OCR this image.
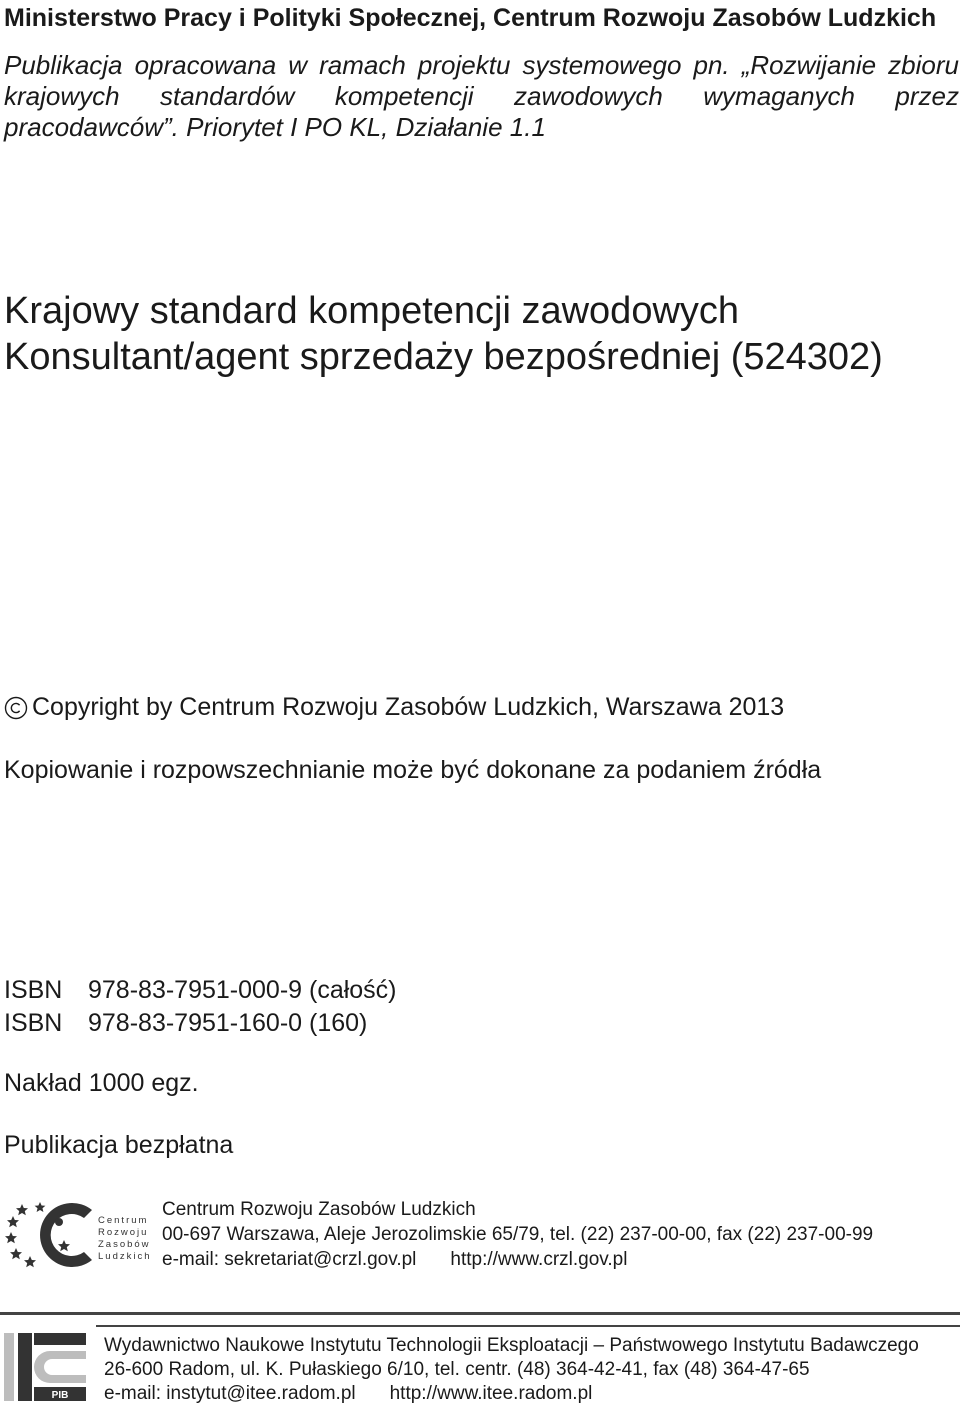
Ministerstwo Pracy i Polityki Społecznej, Centrum Rozwoju Zasobów Ludzkich
Publikacja opracowana w ramach projektu systemowego pn. „Rozwijanie zbioru krajowych standardów kompetencji zawodowych wymaganych przez pracodawców”. Priorytet I PO KL, Działanie 1.1
Krajowy standard kompetencji zawodowych
Konsultant/agent sprzedaży bezpośredniej (524302)
Copyright by Centrum Rozwoju Zasobów Ludzkich, Warszawa 2013
Kopiowanie i rozpowszechnianie może być dokonane za podaniem źródła
ISBN 978-83-7951-000-9 (całość)
ISBN 978-83-7951-160-0 (160)
Nakład 1000 egz.
Publikacja bezpłatna
Centrum
Rozwoju
Zasobów
Ludzkich
Centrum Rozwoju Zasobów Ludzkich
00-697 Warszawa, Aleje Jerozolimskie 65/79, tel. (22) 237-00-00, fax (22) 237-00-99
e-mail: sekretariat@crzl.gov.pl http://www.crzl.gov.pl
PIB
Wydawnictwo Naukowe Instytutu Technologii Eksploatacji – Państwowego Instytutu Badawczego
26-600 Radom, ul. K. Pułaskiego 6/10, tel. centr. (48) 364-42-41, fax (48) 364-47-65
e-mail: instytut@itee.radom.pl http://www.itee.radom.pl
